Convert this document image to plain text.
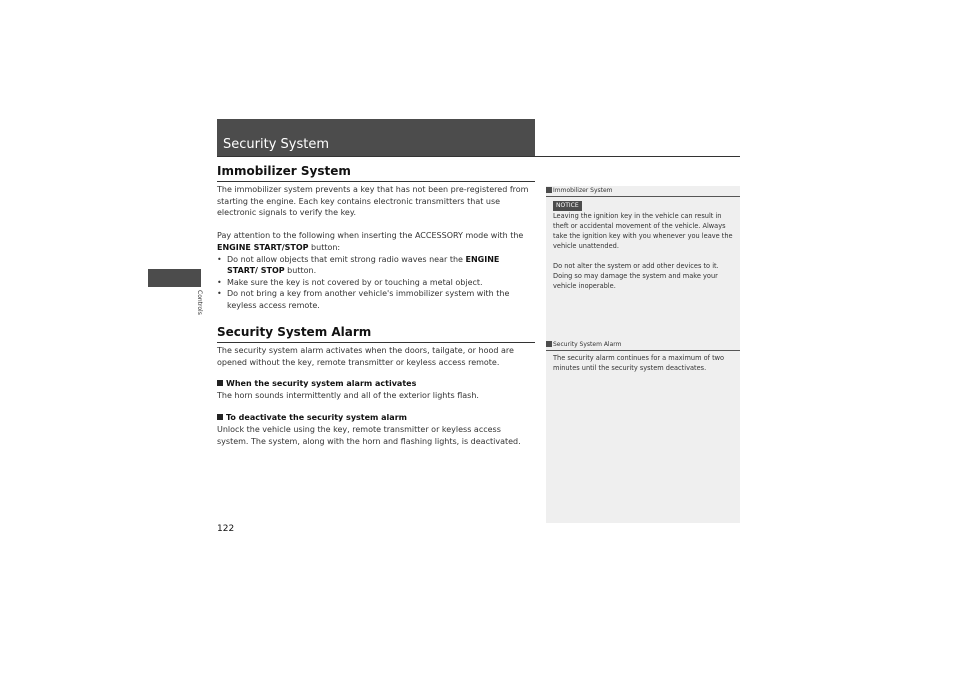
Security System
Controls
Immobilizer System
The immobilizer system prevents a key that has not been pre-registered from starting the engine. Each key contains electronic transmitters that use electronic signals to verify the key.
Pay attention to the following when inserting the ACCESSORY mode with the ENGINE START/STOP button:
• Do not allow objects that emit strong radio waves near the ENGINE START/ STOP button.
• Make sure the key is not covered by or touching a metal object.
• Do not bring a key from another vehicle's immobilizer system with the keyless access remote.
Security System Alarm
The security system alarm activates when the doors, tailgate, or hood are opened without the key, remote transmitter or keyless access remote.
When the security system alarm activates
The horn sounds intermittently and all of the exterior lights flash.
To deactivate the security system alarm
Unlock the vehicle using the key, remote transmitter or keyless access system. The system, along with the horn and flashing lights, is deactivated.
Immobilizer System
NOTICE
Leaving the ignition key in the vehicle can result in theft or accidental movement of the vehicle. Always take the ignition key with you whenever you leave the vehicle unattended.
Do not alter the system or add other devices to it. Doing so may damage the system and make your vehicle inoperable.
Security System Alarm
The security alarm continues for a maximum of two minutes until the security system deactivates.
122
